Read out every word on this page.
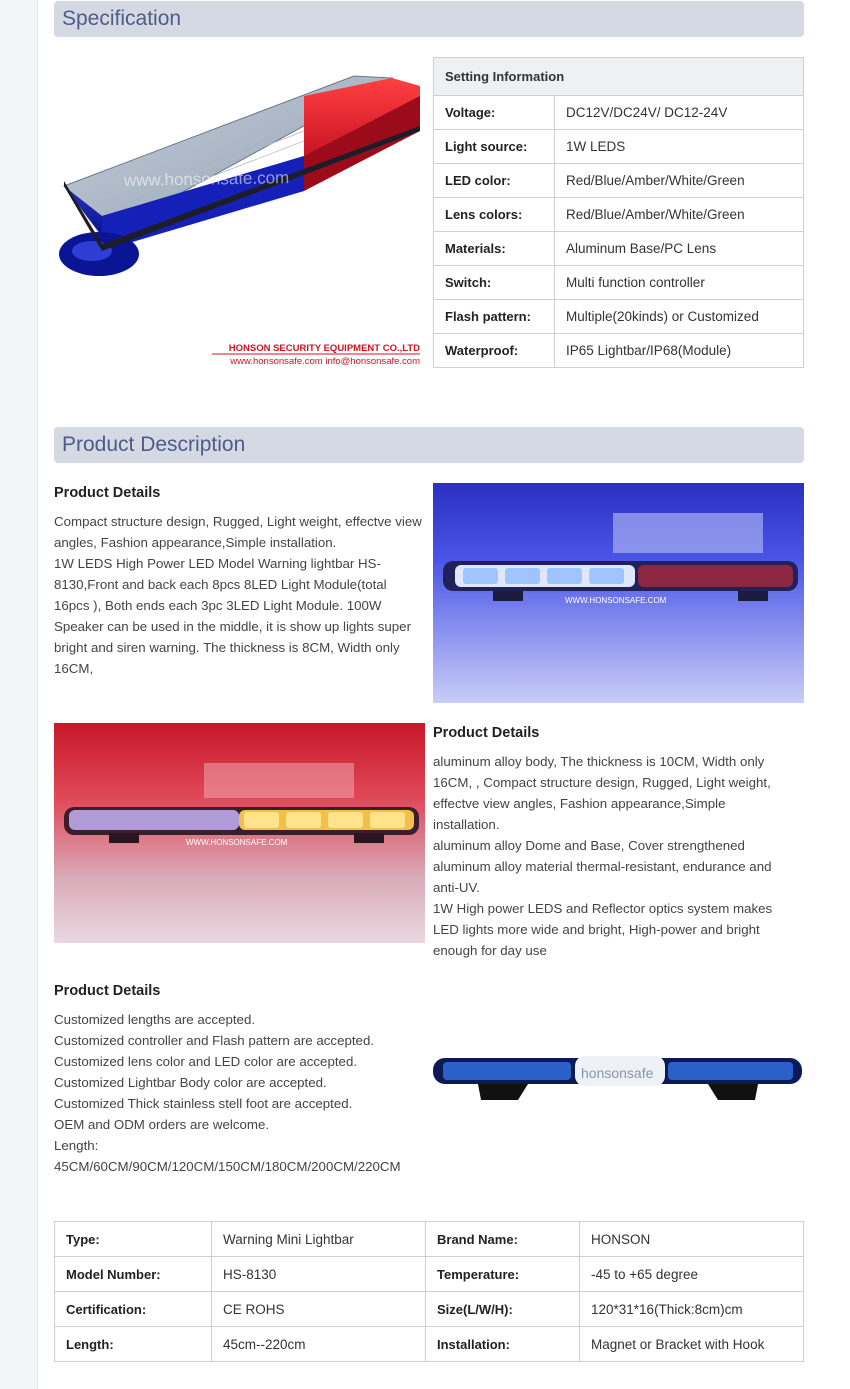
Specification
www.honsonsafe.com
HONSON SECURITY EQUIPMENT CO.,LTD
www.honsonsafe.com info@honsonsafe.com
Setting Information	
Voltage:	DC12V/DC24V/ DC12-24V
Light source:	1W LEDS
LED color:	Red/Blue/Amber/White/Green
Lens colors:	Red/Blue/Amber/White/Green
Materials:	Aluminum Base/PC Lens
Switch:	Multi function controller
Flash pattern:	Multiple(20kinds) or Customized
Waterproof:	IP65 Lightbar/IP68(Module)
Product Description
Product Details
Compact structure design, Rugged, Light weight, effectve view angles, Fashion appearance,Simple installation.
1W LEDS High Power LED Model Warning lightbar HS-8130,Front and back each 8pcs 8LED Light Module(total 16pcs ), Both ends each 3pc 3LED Light Module. 100W Speaker can be used in the middle, it is show up lights super bright and siren warning. The thickness is 8CM, Width only 16CM,
WWW.HONSONSAFE.COM
WWW.HONSONSAFE.COM
Product Details
aluminum alloy body, The thickness is 10CM, Width only 16CM, , Compact structure design, Rugged, Light weight, effectve view angles, Fashion appearance,Simple installation.
aluminum alloy Dome and Base, Cover strengthened aluminum alloy material thermal-resistant, endurance and anti-UV.
1W High power LEDS and Reflector optics system makes LED lights more wide and bright, High-power and bright enough for day use
Product Details
Customized lengths are accepted.
Customized controller and Flash pattern are accepted.
Customized lens color and LED color are accepted.
Customized Lightbar Body color are accepted.
Customized Thick stainless stell foot are accepted.
OEM and ODM orders are welcome.
Length:
45CM/60CM/90CM/120CM/150CM/180CM/200CM/220CM
honsonsafe
Type:	Warning Mini Lightbar	Brand Name:	HONSON
Model Number:	HS-8130	Temperature:	-45 to +65 degree
Certification:	CE ROHS	Size(L/W/H):	120*31*16(Thick:8cm)cm
Length:	45cm--220cm	Installation:	Magnet or Bracket with Hook
